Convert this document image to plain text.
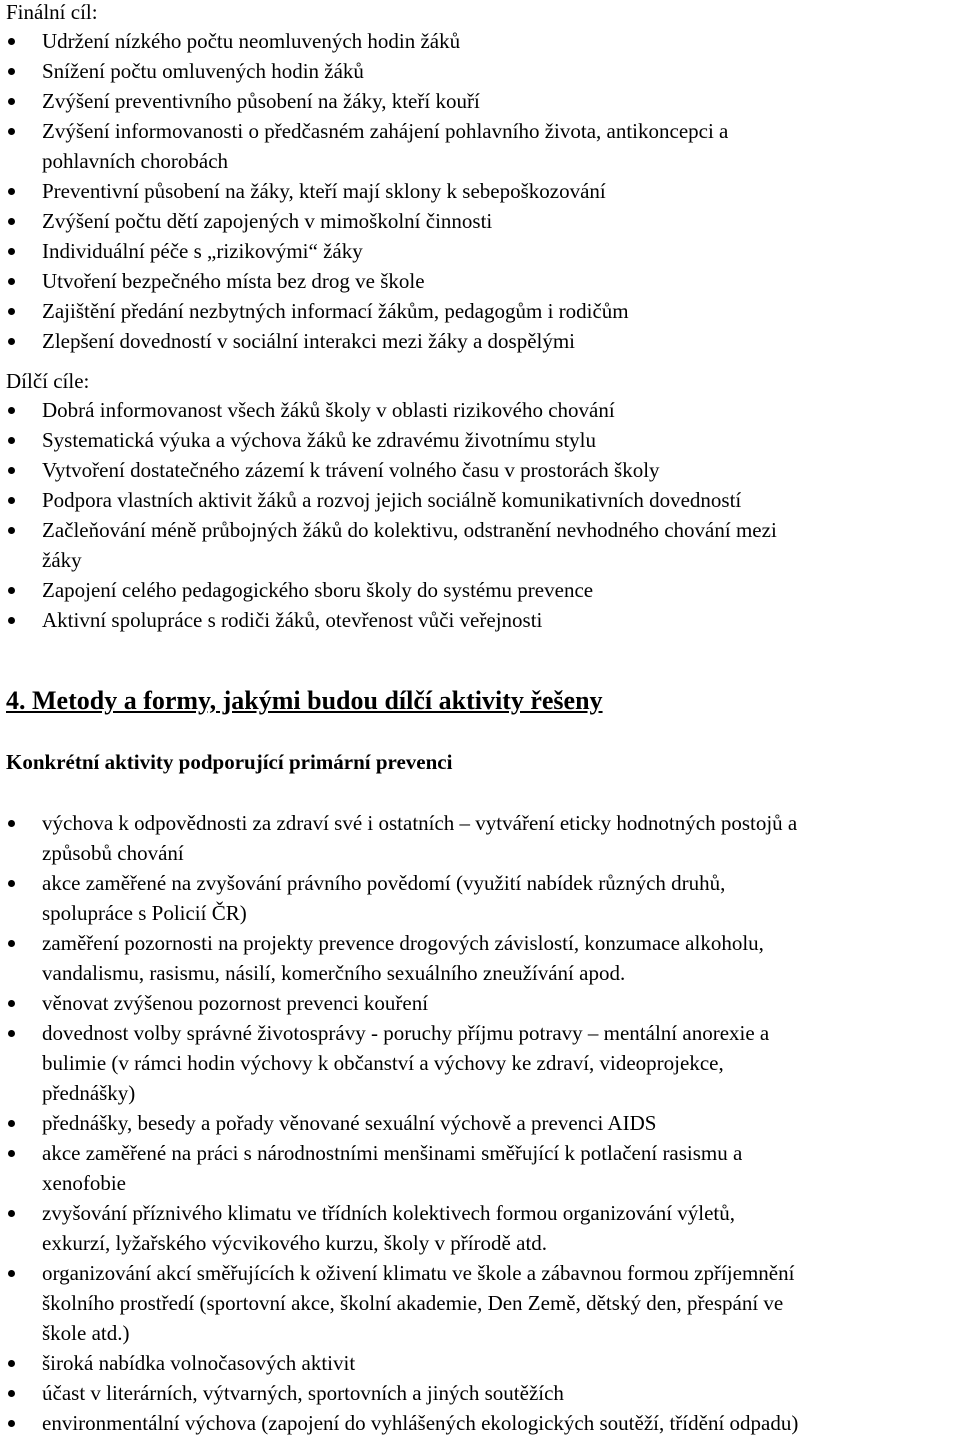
Finální cíl:

Udržení nízkého počtu neomluvených hodin žáků
Snížení počtu omluvených hodin žáků
Zvýšení preventivního působení na žáky, kteří kouří
Zvýšení informovanosti o předčasném zahájení pohlavního života, antikoncepci a
pohlavních chorobách
Preventivní působení na žáky, kteří mají sklony k sebepoškozování
Zvýšení počtu dětí zapojených v mimoškolní činnosti
Individuální péče s „rizikovými“ žáky
Utvoření bezpečného místa bez drog ve škole
Zajištění předání nezbytných informací žákům, pedagogům i rodičům
Zlepšení dovedností v sociální interakci mezi žáky a dospělými

Dílčí cíle:

Dobrá informovanost všech žáků školy v oblasti rizikového chování
Systematická výuka a výchova žáků ke zdravému životnímu stylu
Vytvoření dostatečného zázemí k trávení volného času v prostorách školy
Podpora vlastních aktivit žáků a rozvoj jejich sociálně komunikativních dovedností
Začleňování méně průbojných žáků do kolektivu, odstranění nevhodného chování mezi
žáky
Zapojení celého pedagogického sboru školy do systému prevence
Aktivní spolupráce s rodiči žáků, otevřenost vůči veřejnosti
4. Metody a formy, jakými budou dílčí aktivity řešeny
Konkrétní aktivity podporující primární prevenci
výchova k odpovědnosti za zdraví své i ostatních – vytváření eticky hodnotných postojů a
způsobů chování
akce zaměřené na zvyšování právního povědomí (využití nabídek různých druhů,
spolupráce s Policií ČR)
zaměření pozornosti na projekty prevence drogových závislostí, konzumace alkoholu,
vandalismu, rasismu, násilí, komerčního sexuálního zneužívání apod.
věnovat zvýšenou pozornost prevenci kouření
dovednost volby správné životosprávy - poruchy příjmu potravy – mentální anorexie a
bulimie (v rámci hodin výchovy k občanství a výchovy ke zdraví, videoprojekce,
přednášky)
přednášky, besedy a pořady věnované sexuální výchově a prevenci AIDS
akce zaměřené na práci s národnostními menšinami směřující k potlačení rasismu a
xenofobie
zvyšování příznivého klimatu ve třídních kolektivech formou organizování výletů,
exkurzí, lyžařského výcvikového kurzu, školy v přírodě atd.
organizování akcí směřujících k oživení klimatu ve škole a zábavnou formou zpříjemnění
školního prostředí (sportovní akce, školní akademie, Den Země, dětský den, přespání ve
škole atd.)
široká nabídka volnočasových aktivit
účast v literárních, výtvarných, sportovních a jiných soutěžích
environmentální výchova (zapojení do vyhlášených ekologických soutěží, třídění odpadu)
